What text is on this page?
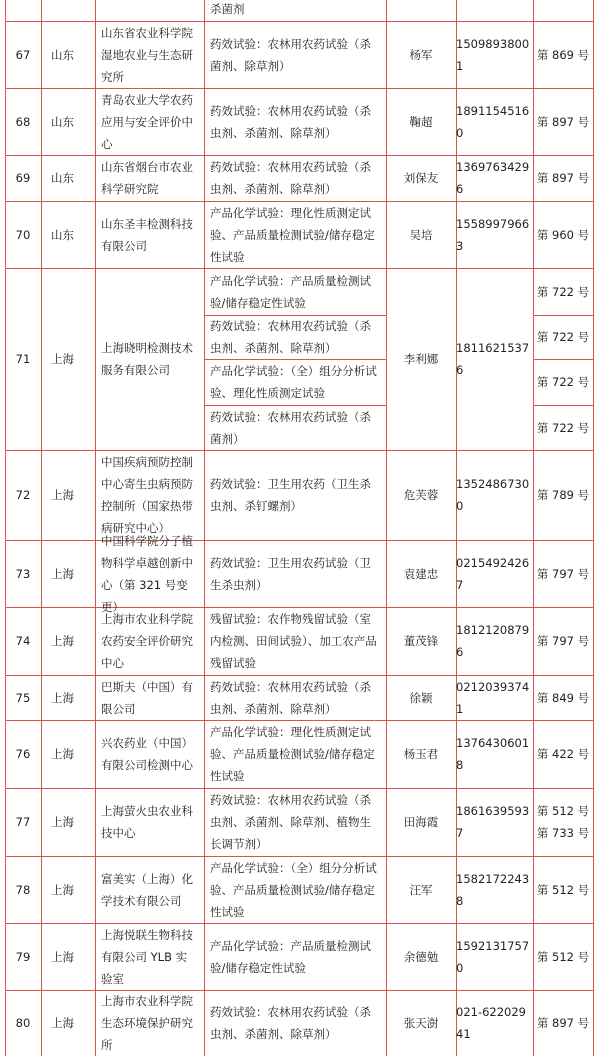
杀菌剂
67 山东
山东省农业科学院湿地农业与生态研究所
杨军
15098938001
药效试验：农林用农药试验（杀菌剂、除草剂）
第 869 号
68 山东
青岛农业大学农药应用与安全评价中心
鞠超
18911545160
药效试验：农林用农药试验（杀虫剂、杀菌剂、除草剂）
第 897 号
69 山东
山东省烟台市农业科学研究院
刘保友
13697634296
药效试验：农林用农药试验（杀虫剂、杀菌剂、除草剂）
第 897 号
70 山东
山东圣丰检测科技有限公司
吴培
15589979663
产品化学试验：理化性质测定试验、产品质量检测试验/储存稳定性试验
第 960 号
71 上海
上海晓明检测技术服务有限公司
李利娜
18116215376
产品化学试验：产品质量检测试验/储存稳定性试验
第 722 号
药效试验：农林用农药试验（杀虫剂、杀菌剂、除草剂）
第 722 号
产品化学试验：（全）组分分析试验、理化性质测定试验
第 722 号
药效试验：农林用农药试验（杀菌剂）
第 722 号
72 上海
中国疾病预防控制中心寄生虫病预防控制所（国家热带病研究中心）
危芙蓉
13524867300
药效试验：卫生用农药（卫生杀虫剂、杀钉螺剂）
第 789 号
73 上海
中国科学院分子植物科学卓越创新中心（第 321 号变更）
袁建忠
02154924267
药效试验：卫生用农药试验（卫生杀虫剂）
第 797 号
74 上海
上海市农业科学院农药安全评价研究中心
董茂锋
18121208796
残留试验：农作物残留试验（室内检测、田间试验）、加工农产品残留试验
第 797 号
75 上海
巴斯夫（中国）有限公司
徐颖
02120393741
药效试验：农林用农药试验（杀虫剂、杀菌剂、除草剂）
第 849 号
76 上海
兴农药业（中国）有限公司检测中心
杨玉君
13764306018
产品化学试验：理化性质测定试验、产品质量检测试验/储存稳定性试验
第 422 号
77 上海
上海萤火虫农业科技中心
田海霞
18616395937
药效试验：农林用农药试验（杀虫剂、杀菌剂、除草剂、植物生长调节剂）
第 512 号
第 733 号
78 上海
富美实（上海）化学技术有限公司
汪军
15821722438
产品化学试验：（全）组分分析试验、产品质量检测试验/储存稳定性试验
第 512 号
79 上海
上海悦联生物科技有限公司 YLB 实验室
余德勉
15921317570
产品化学试验：产品质量检测试验/储存稳定性试验
第 512 号
80 上海
上海市农业科学院生态环境保护研究所
张天澍
021-62202941
药效试验：农林用农药试验（杀虫剂、杀菌剂、除草剂）
第 897 号
